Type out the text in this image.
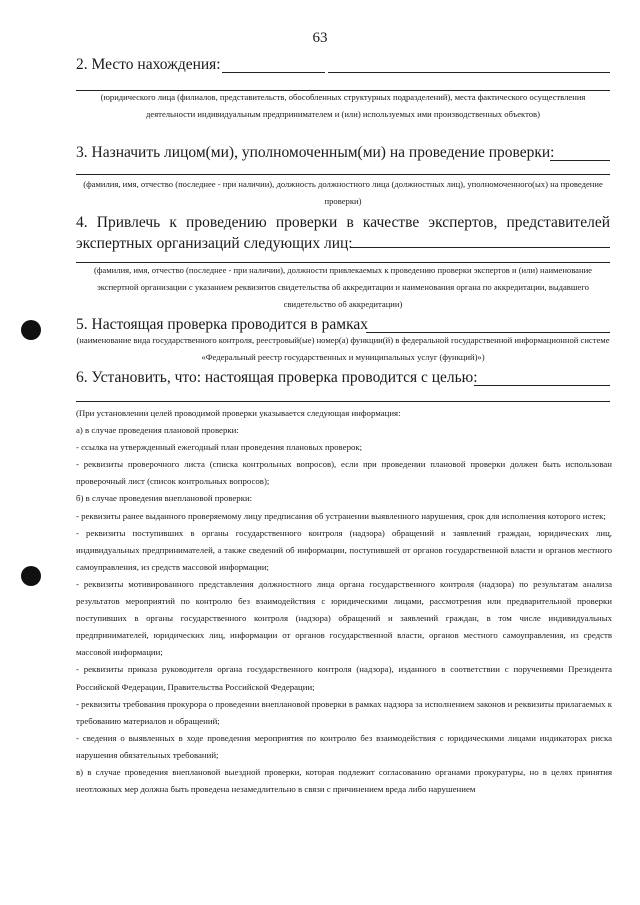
63
2. Место нахождения:
(юридического лица (филиалов, представительств, обособленных структурных подразделений), места фактического осуществления деятельности индивидуальным предпринимателем и (или) используемых ими производственных объектов)
3. Назначить лицом(ми), уполномоченным(ми) на проведение проверки:
(фамилия, имя, отчество (последнее - при наличии), должность должностного лица (должностных лиц), уполномоченного(ых) на проведение проверки)
4. Привлечь к проведению проверки в качестве экспертов, представителей экспертных организаций следующих лиц:
(фамилия, имя, отчество (последнее - при наличии), должности привлекаемых к проведению проверки экспертов и (или) наименование экспертной организации с указанием реквизитов свидетельства об аккредитации и наименования органа по аккредитации, выдавшего свидетельство об аккредитации)
5. Настоящая проверка проводится в рамках
(наименование вида государственного контроля, реестровый(ые) номер(а) функции(й) в федеральной государственной информационной системе «Федеральный реестр государственных и муниципальных услуг (функций)»)
6. Установить, что: настоящая проверка проводится с целью:

(При установлении целей проводимой проверки указывается следующая информация:

а) в случае проведения плановой проверки:

- ссылка на утвержденный ежегодный план проведения плановых проверок;

- реквизиты проверочного листа (списка контрольных вопросов), если при проведении плановой проверки должен быть использован проверочный лист (список контрольных вопросов);

б) в случае проведения внеплановой проверки:

- реквизиты ранее выданного проверяемому лицу предписания об устранении выявленного нарушения, срок для исполнения которого истек;

- реквизиты поступивших в органы государственного контроля (надзора) обращений и заявлений граждан, юридических лиц, индивидуальных предпринимателей, а также сведений об информации, поступившей от органов государственной власти и органов местного самоуправления, из средств массовой информации;

- реквизиты мотивированного представления должностного лица органа государственного контроля (надзора) по результатам анализа результатов мероприятий по контролю без взаимодействия с юридическими лицами, рассмотрения или предварительной проверки поступивших в органы государственного контроля (надзора) обращений и заявлений граждан, в том числе индивидуальных предпринимателей, юридических лиц, информации от органов государственной власти, органов местного самоуправления, из средств массовой информации;

- реквизиты приказа руководителя органа государственного контроля (надзора), изданного в соответствии с поручениями Президента Российской Федерации, Правительства Российской Федерации;

- реквизиты требования прокурора о проведении внеплановой проверки в рамках надзора за исполнением законов и реквизиты прилагаемых к требованию материалов и обращений;

- сведения о выявленных в ходе проведения мероприятия по контролю без взаимодействия с юридическими лицами индикаторах риска нарушения обязательных требований;

в) в случае проведения внеплановой выездной проверки, которая подлежит согласованию органами прокуратуры, но в целях принятия неотложных мер должна быть проведена незамедлительно в связи с причинением вреда либо нарушением
